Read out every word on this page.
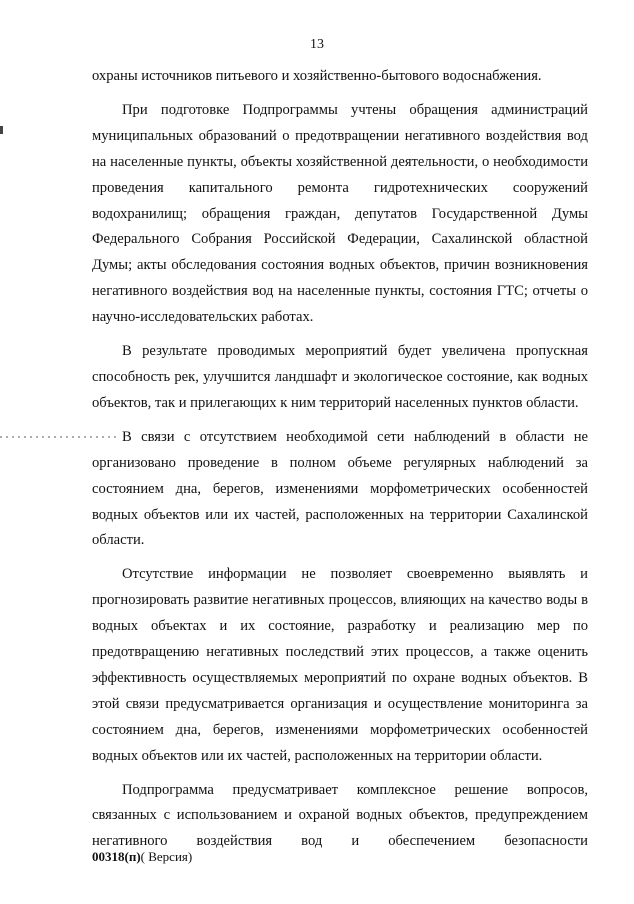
13

охраны источников питьевого и хозяйственно-бытового водоснабжения.

При подготовке Подпрограммы учтены обращения администраций муниципальных образований о предотвращении негативного воздействия вод на населенные пункты, объекты хозяйственной деятельности, о необходимости проведения капитального ремонта гидротехнических сооружений водохранилищ; обращения граждан, депутатов Государственной Думы Федерального Собрания Российской Федерации, Сахалинской областной Думы; акты обследования состояния водных объектов, причин возникновения негативного воздействия вод на населенные пункты, состояния ГТС; отчеты о научно-исследовательских работах.

В результате проводимых мероприятий будет увеличена пропускная способность рек, улучшится ландшафт и экологическое состояние, как водных объектов, так и прилегающих к ним территорий населенных пунктов области.

В связи с отсутствием необходимой сети наблюдений в области не организовано проведение в полном объеме регулярных наблюдений за состоянием дна, берегов, изменениями морфометрических особенностей водных объектов или их частей, расположенных на территории Сахалинской области.

Отсутствие информации не позволяет своевременно выявлять и прогнозировать развитие негативных процессов, влияющих на качество воды в водных объектах и их состояние, разработку и реализацию мер по предотвращению негативных последствий этих процессов, а также оценить эффективность осуществляемых мероприятий по охране водных объектов. В этой связи предусматривается организация и осуществление мониторинга за состоянием дна, берегов, изменениями морфометрических особенностей водных объектов или их частей, расположенных на территории области.

Подпрограмма предусматривает комплексное решение вопросов, связанных с использованием и охраной водных объектов, предупреждением негативного воздействия вод и обеспечением безопасности

00318(п)( Версия)
